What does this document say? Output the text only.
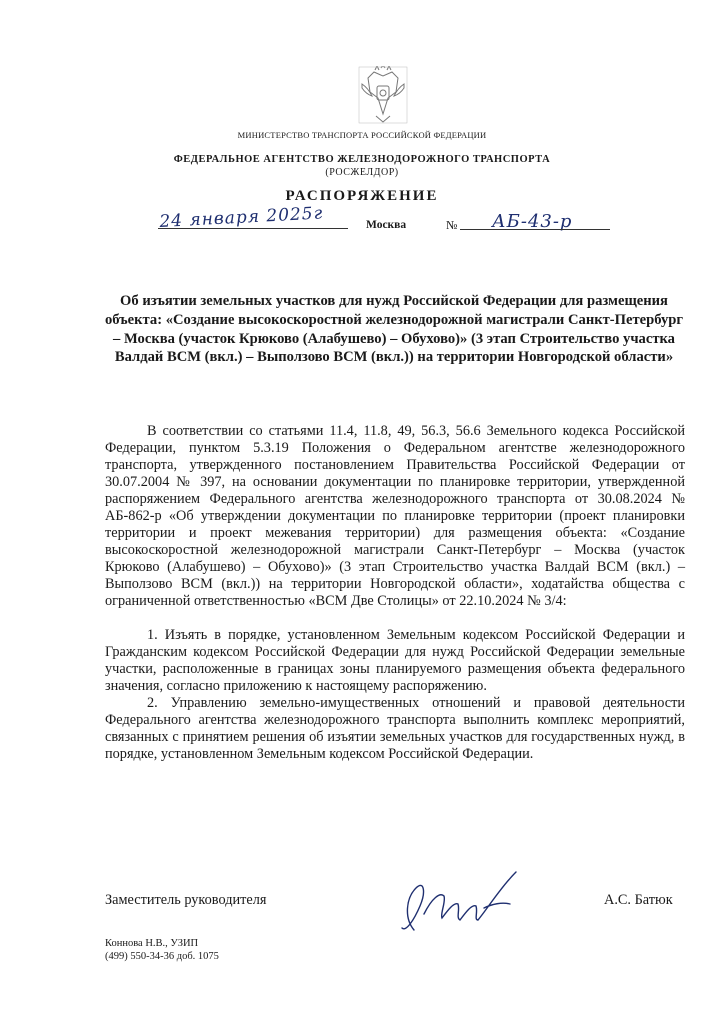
МИНИСТЕРСТВО ТРАНСПОРТА РОССИЙСКОЙ ФЕДЕРАЦИИ
ФЕДЕРАЛЬНОЕ АГЕНТСТВО ЖЕЛЕЗНОДОРОЖНОГО ТРАНСПОРТА
(РОСЖЕЛДОР)
РАСПОРЯЖЕНИЕ
24 января 2025г	Москва	№ АБ-43-р

Об изъятии земельных участков для нужд Российской Федерации для размещения объекта: «Создание высокоскоростной железнодорожной магистрали Санкт-Петербург – Москва (участок Крюково (Алабушево) – Обухово)» (3 этап Строительство участка Валдай ВСМ (вкл.) – Выползово ВСМ (вкл.)) на территории Новгородской области»

В соответствии со статьями 11.4, 11.8, 49, 56.3, 56.6 Земельного кодекса Российской Федерации, пунктом 5.3.19 Положения о Федеральном агентстве железнодорожного транспорта, утвержденного постановлением Правительства Российской Федерации от 30.07.2004 № 397, на основании документации по планировке территории, утвержденной распоряжением Федерального агентства железнодорожного транспорта от 30.08.2024 № АБ-862-р «Об утверждении документации по планировке территории (проект планировки территории и проект межевания территории) для размещения объекта: «Создание высокоскоростной железнодорожной магистрали Санкт-Петербург – Москва (участок Крюково (Алабушево) – Обухово)» (3 этап Строительство участка Валдай ВСМ (вкл.) – Выползово ВСМ (вкл.)) на территории Новгородской области», ходатайства общества с ограниченной ответственностью «ВСМ Две Столицы» от 22.10.2024 № 3/4:

1. Изъять в порядке, установленном Земельным кодексом Российской Федерации и Гражданским кодексом Российской Федерации для нужд Российской Федерации земельные участки, расположенные в границах зоны планируемого размещения объекта федерального значения, согласно приложению к настоящему распоряжению.

2. Управлению земельно-имущественных отношений и правовой деятельности Федерального агентства железнодорожного транспорта выполнить комплекс мероприятий, связанных с принятием решения об изъятии земельных участков для государственных нужд, в порядке, установленном Земельным кодексом Российской Федерации.

Заместитель руководителя	А.С. Батюк
Коннова Н.В., УЗИП
(499) 550-34-36 доб. 1075
